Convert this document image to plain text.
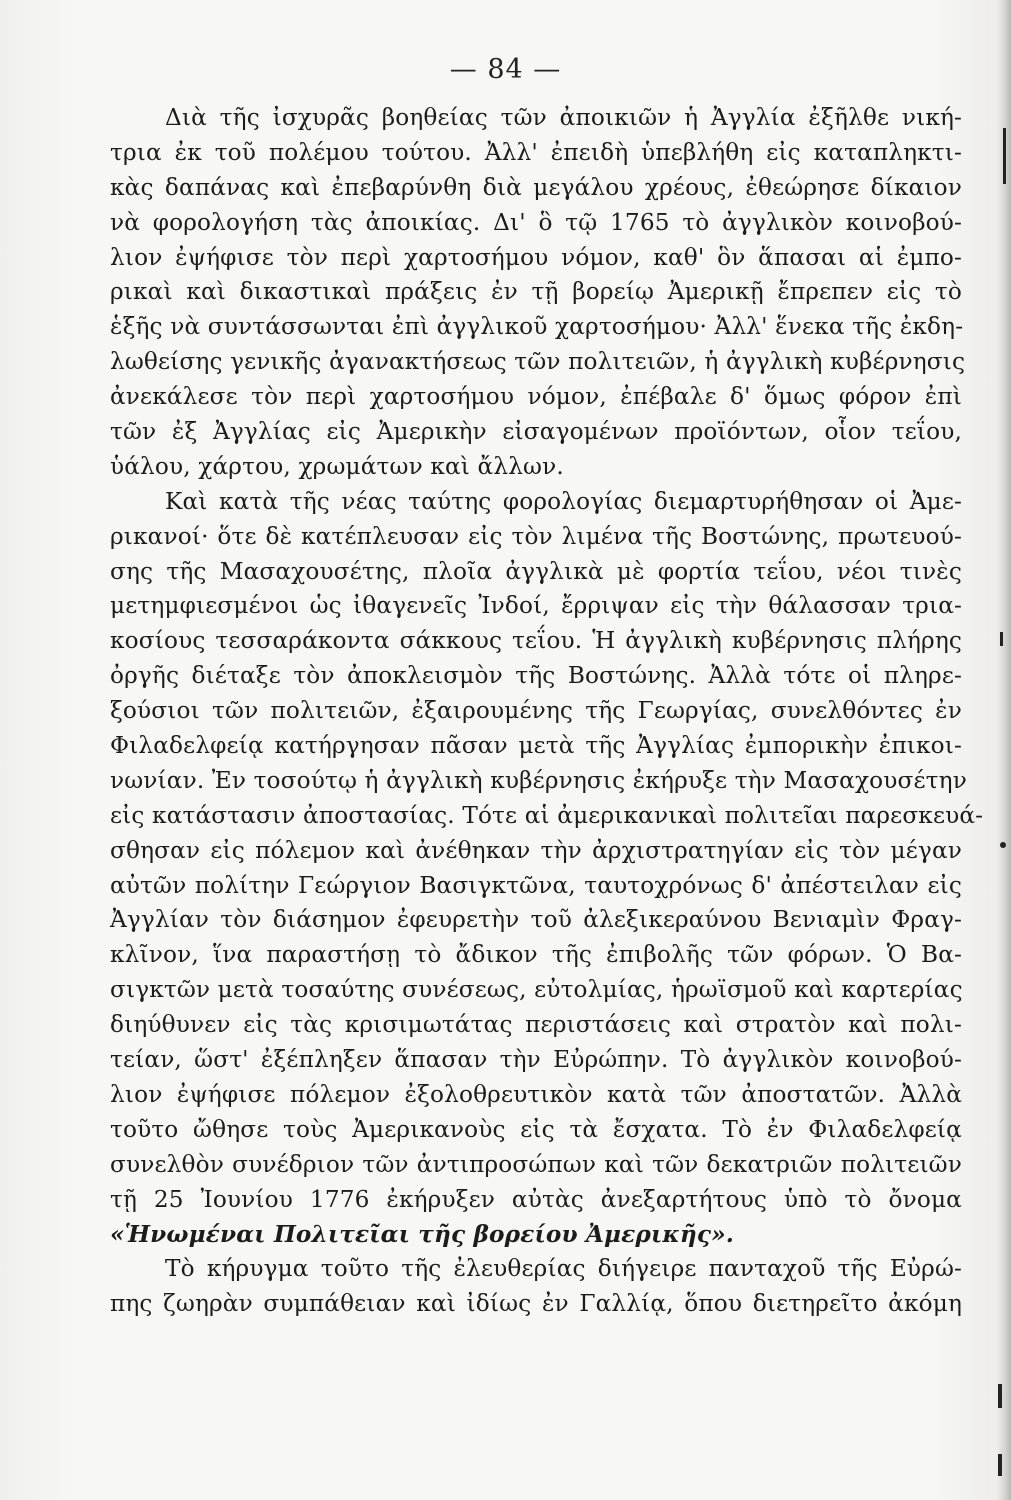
— 84 —
Διὰ τῆς ἰσχυρᾶς βοηθείας τῶν ἀποικιῶν ἡ Ἀγγλία ἐξῆλθε νική-
τρια ἐκ τοῦ πολέμου τούτου. Ἀλλ' ἐπειδὴ ὑπεβλήθη εἰς καταπληκτι-
κὰς δαπάνας καὶ ἐπεβαρύνθη διὰ μεγάλου χρέους, ἐθεώρησε δίκαιον
νὰ φορολογήση τὰς ἀποικίας. Δι' ὃ τῷ 1765 τὸ ἀγγλικὸν κοινοβού-
λιον ἐψήφισε τὸν περὶ χαρτοσήμου νόμον, καθ' ὃν ἅπασαι αἱ ἐμπο-
ρικαὶ καὶ δικαστικαὶ πράξεις ἐν τῇ βορείῳ Ἀμερικῇ ἔπρεπεν εἰς τὸ
ἑξῆς νὰ συντάσσωνται ἐπὶ ἀγγλικοῦ χαρτοσήμου· Ἀλλ' ἕνεκα τῆς ἐκδη-
λωθείσης γενικῆς ἀγανακτήσεως τῶν πολιτειῶν, ἡ ἀγγλικὴ κυβέρνησις
ἀνεκάλεσε τὸν περὶ χαρτοσήμου νόμον, ἐπέβαλε δ' ὅμως φόρον ἐπὶ
τῶν ἐξ Ἀγγλίας εἰς Ἀμερικὴν εἰσαγομένων προϊόντων, οἷον τεΐου,
ὑάλου, χάρτου, χρωμάτων καὶ ἄλλων.
Καὶ κατὰ τῆς νέας ταύτης φορολογίας διεμαρτυρήθησαν οἱ Ἀμε-
ρικανοί· ὅτε δὲ κατέπλευσαν εἰς τὸν λιμένα τῆς Βοστώνης, πρωτευού-
σης τῆς Μασαχουσέτης, πλοῖα ἀγγλικὰ μὲ φορτία τεΐου, νέοι τινὲς
μετημφιεσμένοι ὡς ἰθαγενεῖς Ἰνδοί, ἔρριψαν εἰς τὴν θάλασσαν τρια-
κοσίους τεσσαράκοντα σάκκους τεΐου. Ἡ ἀγγλικὴ κυβέρνησις πλήρης
ὀργῆς διέταξε τὸν ἀποκλεισμὸν τῆς Βοστώνης. Ἀλλὰ τότε οἱ πληρε-
ξούσιοι τῶν πολιτειῶν, ἐξαιρουμένης τῆς Γεωργίας, συνελθόντες ἐν
Φιλαδελφείᾳ κατήργησαν πᾶσαν μετὰ τῆς Ἀγγλίας ἐμπορικὴν ἐπικοι-
νωνίαν. Ἐν τοσούτῳ ἡ ἀγγλικὴ κυβέρνησις ἐκήρυξε τὴν Μασαχουσέτην
εἰς κατάστασιν ἀποστασίας. Τότε αἱ ἀμερικανικαὶ πολιτεῖαι παρεσκευά-
σθησαν εἰς πόλεμον καὶ ἀνέθηκαν τὴν ἀρχιστρατηγίαν εἰς τὸν μέγαν
αὐτῶν πολίτην Γεώργιον Βασιγκτῶνα, ταυτοχρόνως δ' ἀπέστειλαν εἰς
Ἀγγλίαν τὸν διάσημον ἐφευρετὴν τοῦ ἀλεξικεραύνου Βενιαμὶν Φραγ-
κλῖνον, ἵνα παραστήσῃ τὸ ἄδικον τῆς ἐπιβολῆς τῶν φόρων. Ὁ Βα-
σιγκτῶν μετὰ τοσαύτης συνέσεως, εὐτολμίας, ἡρωϊσμοῦ καὶ καρτερίας
διηύθυνεν εἰς τὰς κρισιμωτάτας περιστάσεις καὶ στρατὸν καὶ πολι-
τείαν, ὥστ' ἐξέπληξεν ἅπασαν τὴν Εὐρώπην. Τὸ ἀγγλικὸν κοινοβού-
λιον ἐψήφισε πόλεμον ἐξολοθρευτικὸν κατὰ τῶν ἀποστατῶν. Ἀλλὰ
τοῦτο ὤθησε τοὺς Ἀμερικανοὺς εἰς τὰ ἔσχατα. Τὸ ἐν Φιλαδελφείᾳ
συνελθὸν συνέδριον τῶν ἀντιπροσώπων καὶ τῶν δεκατριῶν πολιτειῶν
τῇ 25 Ἰουνίου 1776 ἐκήρυξεν αὐτὰς ἀνεξαρτήτους ὑπὸ τὸ ὄνομα
«Ἡνωμέναι Πολιτεῖαι τῆς βορείου Ἀμερικῆς».
Τὸ κήρυγμα τοῦτο τῆς ἐλευθερίας διήγειρε πανταχοῦ τῆς Εὐρώ-
πης ζωηρὰν συμπάθειαν καὶ ἰδίως ἐν Γαλλίᾳ, ὅπου διετηρεῖτο ἀκόμη
